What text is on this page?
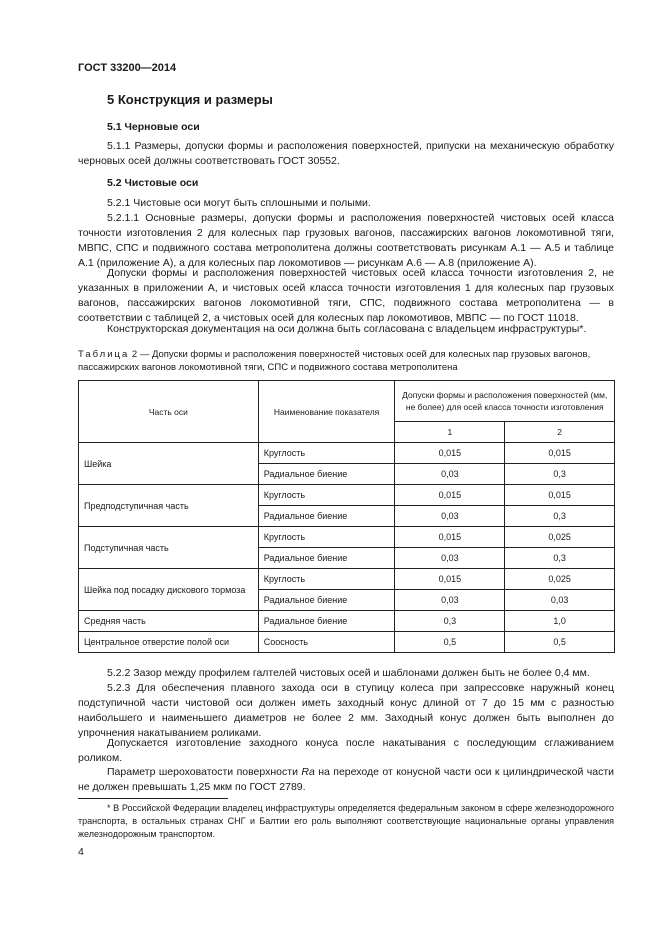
ГОСТ 33200—2014
5 Конструкция и размеры
5.1 Черновые оси
5.1.1 Размеры, допуски формы и расположения поверхностей, припуски на механическую обработку черновых осей должны соответствовать ГОСТ 30552.
5.2 Чистовые оси
5.2.1 Чистовые оси могут быть сплошными и полыми.
5.2.1.1 Основные размеры, допуски формы и расположения поверхностей чистовых осей класса точности изготовления 2 для колесных пар грузовых вагонов, пассажирских вагонов локомотивной тяги, МВПС, СПС и подвижного состава метрополитена должны соответствовать рисункам А.1 — А.5 и таблице А.1 (приложение А), а для колесных пар локомотивов — рисункам А.6 — А.8 (приложение А).
Допуски формы и расположения поверхностей чистовых осей класса точности изготовления 2, не указанных в приложении А, и чистовых осей класса точности изготовления 1 для колесных пар грузовых вагонов, пассажирских вагонов локомотивной тяги, СПС, подвижного состава метрополитена — в соответствии с таблицей 2, а чистовых осей для колесных пар локомотивов, МВПС — по ГОСТ 11018.
Конструкторская документация на оси должна быть согласована с владельцем инфраструктуры*.
Таблица 2 — Допуски формы и расположения поверхностей чистовых осей для колесных пар грузовых вагонов, пассажирских вагонов локомотивной тяги, СПС и подвижного состава метрополитена
Часть оси	Наименование показателя	Допуски формы и расположения поверхностей (мм, не более) для осей класса точности изготовления	
		1	2
Шейка	Круглость	0,015	0,015
	Радиальное биение	0,03	0,3
Предподступичная часть	Круглость	0,015	0,015
	Радиальное биение	0,03	0,3
Подступичная часть	Круглость	0,015	0,025
	Радиальное биение	0,03	0,3
Шейка под посадку дискового тормоза	Круглость	0,015	0,025
	Радиальное биение	0,03	0,03
Средняя часть	Радиальное биение	0,3	1,0
Центральное отверстие полой оси	Соосность	0,5	0,5
5.2.2 Зазор между профилем галтелей чистовых осей и шаблонами должен быть не более 0,4 мм.
5.2.3 Для обеспечения плавного захода оси в ступицу колеса при запрессовке наружный конец подступичной части чистовой оси должен иметь заходный конус длиной от 7 до 15 мм с разностью наибольшего и наименьшего диаметров не более 2 мм. Заходный конус должен быть выполнен до упрочнения накатыванием роликами.
Допускается изготовление заходного конуса после накатывания с последующим сглаживанием роликом.
Параметр шероховатости поверхности Ra на переходе от конусной части оси к цилиндрической части не должен превышать 1,25 мкм по ГОСТ 2789.
* В Российской Федерации владелец инфраструктуры определяется федеральным законом в сфере железнодорожного транспорта, в остальных странах СНГ и Балтии его роль выполняют соответствующие национальные органы управления железнодорожным транспортом.
4
